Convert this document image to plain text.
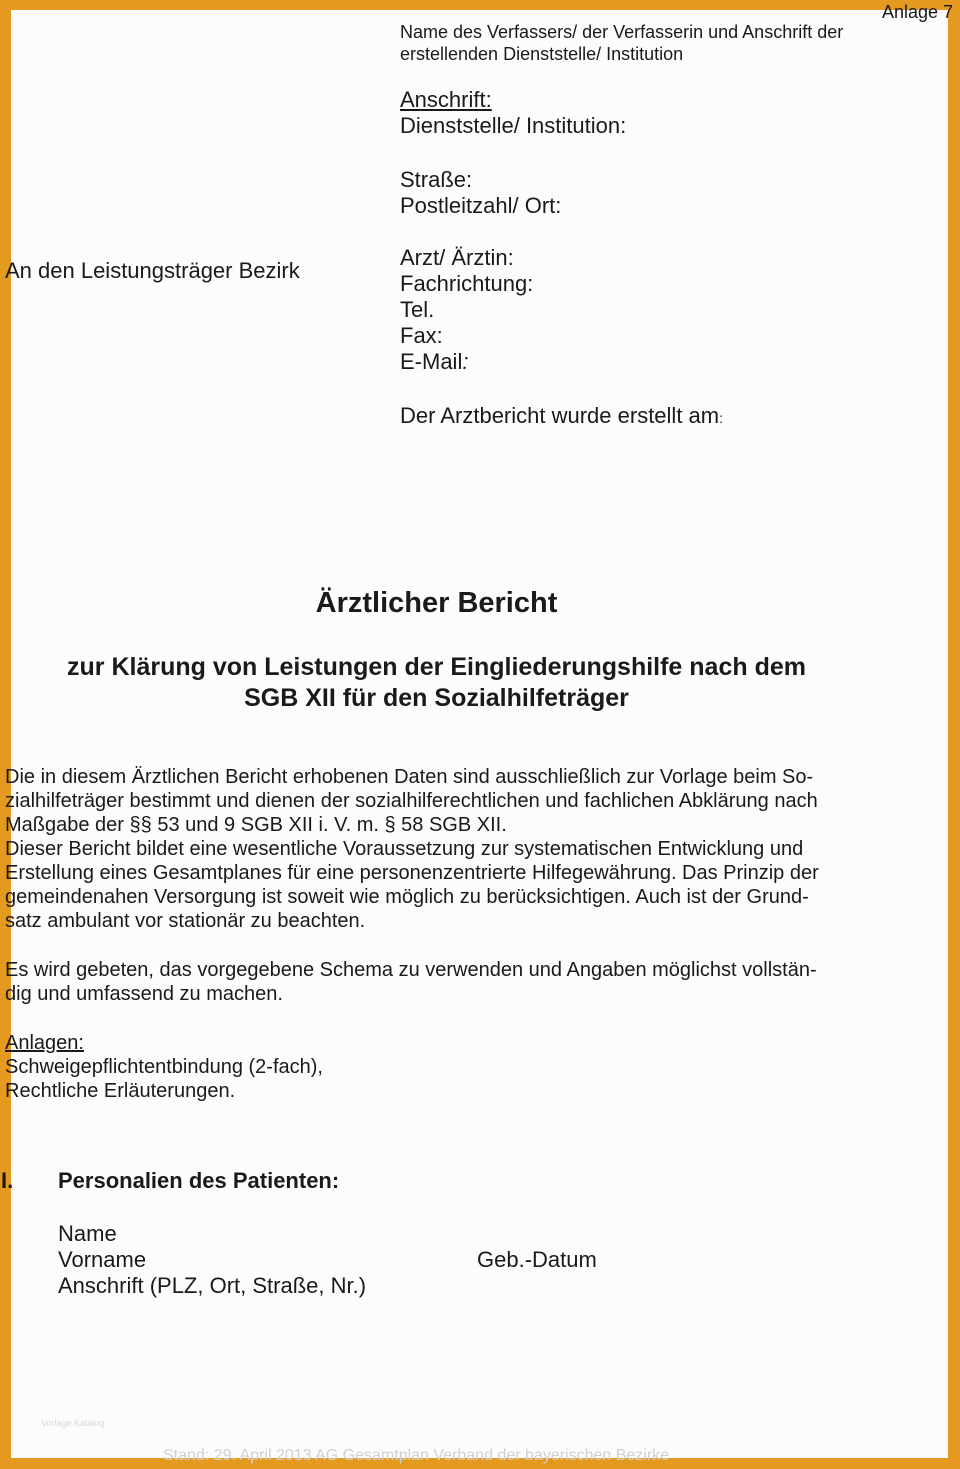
Anlage 7
Name des Verfassers/ der Verfasserin und Anschrift der
erstellenden Dienststelle/ Institution
Anschrift:
Dienststelle/ Institution:
Straße:
Postleitzahl/ Ort:
Arzt/ Ärztin:
Fachrichtung:
Tel.
Fax:
E-Mail:
Der Arztbericht wurde erstellt am:
An den Leistungsträger Bezirk
Ärztlicher Bericht
zur Klärung von Leistungen der Eingliederungshilfe nach dem
SGB XII für den Sozialhilfeträger
Die in diesem Ärztlichen Bericht erhobenen Daten sind ausschließlich zur Vorlage beim So-
zialhilfeträger bestimmt und dienen der sozialhilferechtlichen und fachlichen Abklärung nach
Maßgabe der §§ 53 und 9 SGB XII i. V. m. § 58 SGB XII.
Dieser Bericht bildet eine wesentliche Voraussetzung zur systematischen Entwicklung und
Erstellung eines Gesamtplanes für eine personenzentrierte Hilfegewährung. Das Prinzip der
gemeindenahen Versorgung ist soweit wie möglich zu berücksichtigen. Auch ist der Grund-
satz ambulant vor stationär zu beachten.
Es wird gebeten, das vorgegebene Schema zu verwenden und Angaben möglichst vollstän-
dig und umfassend zu machen.
Anlagen:
Schweigepflichtentbindung (2-fach),
Rechtliche Erläuterungen.
I. Personalien des Patienten:
Name
Vorname	Geb.-Datum
Anschrift (PLZ, Ort, Straße, Nr.)
Vorlage Katalog
Stand: 29. April 2013 AG Gesamtplan Verband der bayerischen Bezirke
